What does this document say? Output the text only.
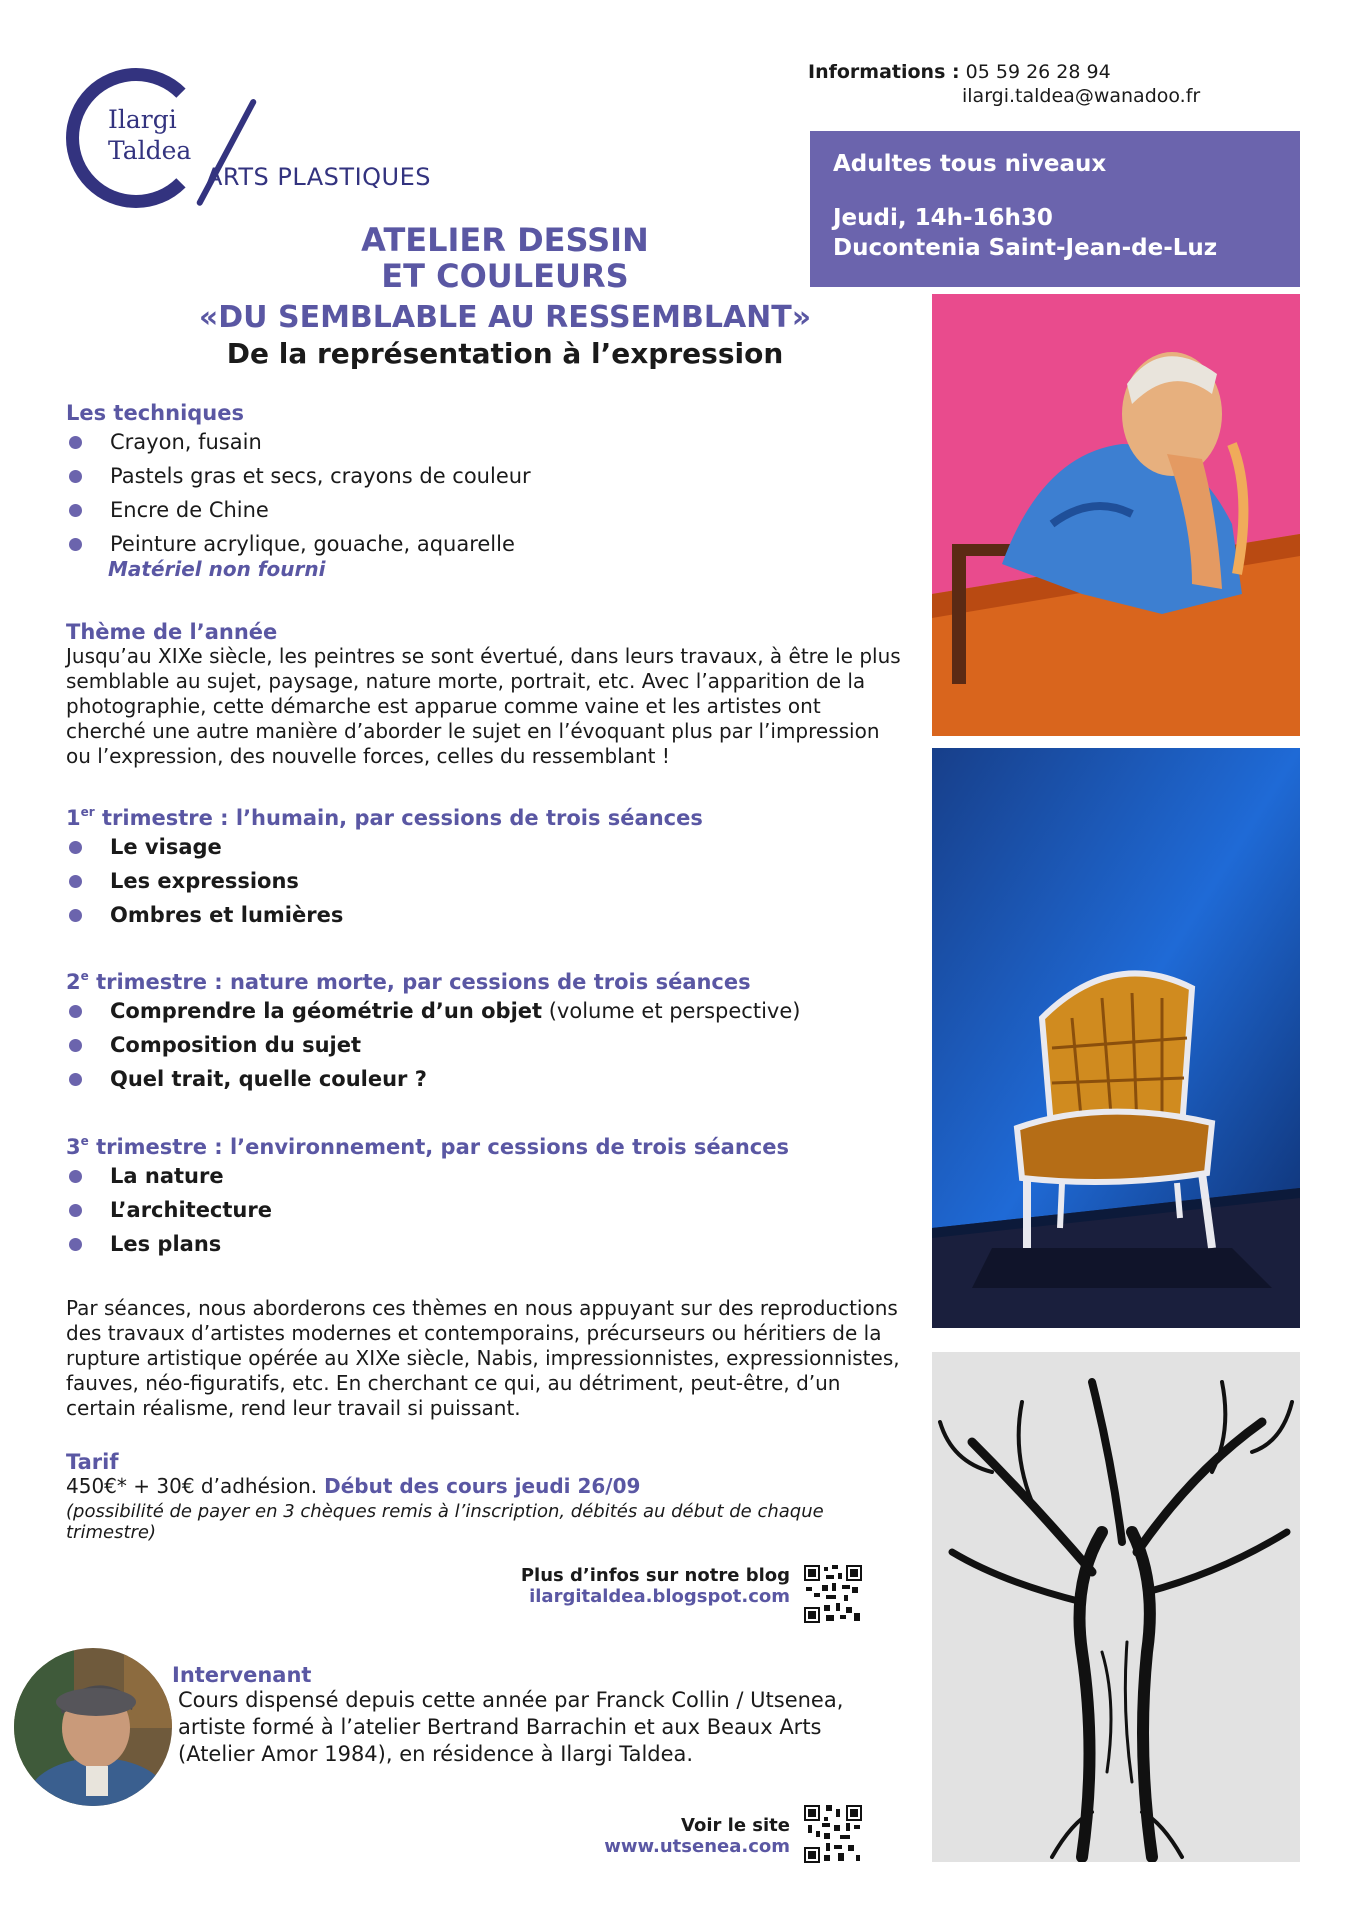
Ilargi
Taldea
ARTS PLASTIQUES
Informations : 05 59 26 28 94
ilargi.taldea@wanadoo.fr
Adultes tous niveaux
Jeudi, 14h-16h30
Ducontenia Saint-Jean-de-Luz
ATELIER DESSIN
ET COULEURS
«DU SEMBLABLE AU RESSEMBLANT»
De la représentation à l’expression
Les techniques
Crayon, fusain
Pastels gras et secs, crayons de couleur
Encre de Chine
Peinture acrylique, gouache, aquarelle
Matériel non fourni
Thème de l’année
Jusqu’au XIXe siècle, les peintres se sont évertué, dans leurs travaux, à être le plus semblable au sujet, paysage, nature morte, portrait, etc. Avec l’apparition de la photographie, cette démarche est apparue comme vaine et les artistes ont cherché une autre manière d’aborder le sujet en l’évoquant plus par l’impression ou l’expression, des nouvelle forces, celles du ressemblant !
1er trimestre : l’humain, par cessions de trois séances
Le visage
Les expressions
Ombres et lumières
2e trimestre : nature morte, par cessions de trois séances
Comprendre la géométrie d’un objet (volume et perspective)
Composition du sujet
Quel trait, quelle couleur ?
3e trimestre : l’environnement, par cessions de trois séances
La nature
L’architecture
Les plans
Par séances, nous aborderons ces thèmes en nous appuyant sur des reproductions des travaux d’artistes modernes et contemporains, précurseurs ou héritiers de la rupture artistique opérée au XIXe siècle, Nabis, impressionnistes, expressionnistes, fauves, néo-figuratifs, etc. En cherchant ce qui, au détriment, peut-être, d’un certain réalisme, rend leur travail si puissant.
Tarif
450€* + 30€ d’adhésion. Début des cours jeudi 26/09
(possibilité de payer en 3 chèques remis à l’inscription, débités au début de chaque trimestre)
Plus d’infos sur notre blog
ilargitaldea.blogspot.com
Intervenant
Cours dispensé depuis cette année par Franck Collin / Utsenea, artiste formé à l’atelier Bertrand Barrachin et aux Beaux Arts (Atelier Amor 1984), en résidence à Ilargi Taldea.
Voir le site
www.utsenea.com
